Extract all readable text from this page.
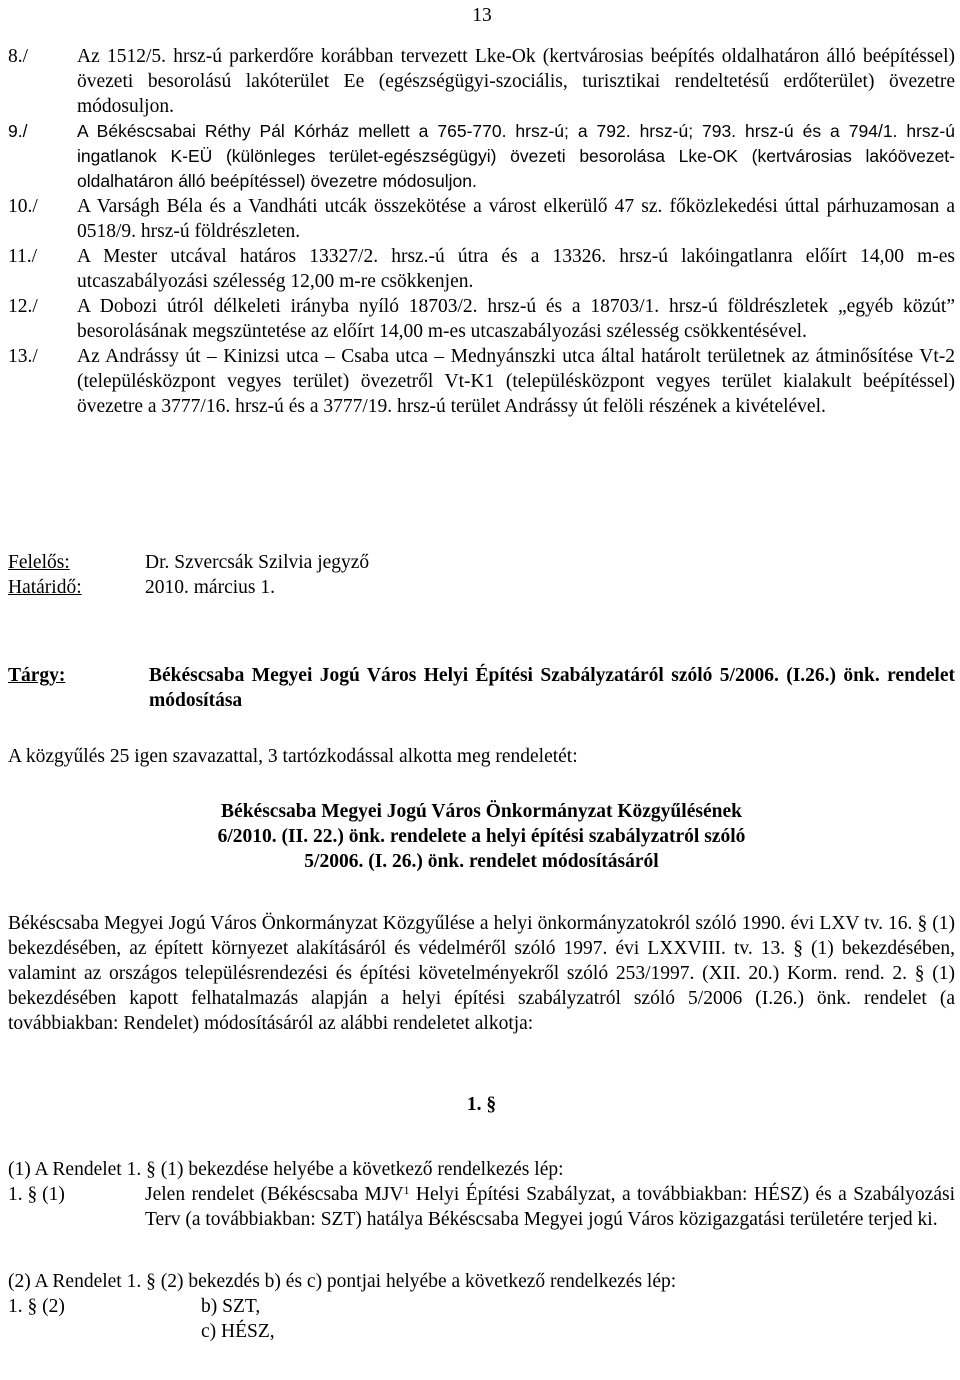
13
8./	Az 1512/5. hrsz-ú parkerdőre korábban tervezett Lke-Ok (kertvárosias beépítés oldalhatáron álló beépítéssel) övezeti besorolású lakóterület Ee (egészségügyi-szociális, turisztikai rendeltetésű erdőterület) övezetre módosuljon.
9./	A Békéscsabai Réthy Pál Kórház mellett a 765-770. hrsz-ú; a 792. hrsz-ú; 793. hrsz-ú és a 794/1. hrsz-ú ingatlanok K-EÜ (különleges terület-egészségügyi) övezeti besorolása Lke-OK (kertvárosias lakóövezet- oldalhatáron álló beépítéssel) övezetre módosuljon.
10./	A Varságh Béla és a Vandháti utcák összekötése a várost elkerülő 47 sz. főközlekedési úttal párhuzamosan a 0518/9. hrsz-ú földrészleten.
11./	A Mester utcával határos 13327/2. hrsz.-ú útra és a 13326. hrsz-ú lakóingatlanra előírt 14,00 m-es utcaszabályozási szélesség 12,00 m-re csökkenjen.
12./	A Dobozi útról délkeleti irányba nyíló 18703/2. hrsz-ú és a 18703/1. hrsz-ú földrészletek „egyéb közút” besorolásának megszüntetése az előírt 14,00 m-es utcaszabályozási szélesség csökkentésével.
13./	Az Andrássy út – Kinizsi utca – Csaba utca – Mednyánszki utca által határolt területnek az átminősítése Vt-2 (településközpont vegyes terület) övezetről Vt-K1 (településközpont vegyes terület kialakult beépítéssel) övezetre a 3777/16. hrsz-ú és a 3777/19. hrsz-ú terület Andrássy út felöli részének a kivételével.
Felelős:	Dr. Szvercsák Szilvia jegyző
Határidő:	2010. március 1.
Tárgy:	Békéscsaba Megyei Jogú Város Helyi Építési Szabályzatáról szóló 5/2006. (I.26.) önk. rendelet módosítása
A közgyűlés 25 igen szavazattal, 3 tartózkodással alkotta meg rendeletét:
Békéscsaba Megyei Jogú Város Önkormányzat Közgyűlésének
6/2010. (II. 22.) önk. rendelete a helyi építési szabályzatról szóló
5/2006. (I. 26.) önk. rendelet módosításáról
Békéscsaba Megyei Jogú Város Önkormányzat Közgyűlése a helyi önkormányzatokról szóló 1990. évi LXV tv. 16. § (1) bekezdésében, az épített környezet alakításáról és védelméről szóló 1997. évi LXXVIII. tv. 13. § (1) bekezdésében, valamint az országos településrendezési és építési követelményekről szóló 253/1997. (XII. 20.) Korm. rend. 2. § (1) bekezdésében kapott felhatalmazás alapján a helyi építési szabályzatról szóló 5/2006 (I.26.) önk. rendelet (a továbbiakban: Rendelet) módosításáról az alábbi rendeletet alkotja:
1. §
(1) A Rendelet 1. § (1) bekezdése helyébe a következő rendelkezés lép:
1. § (1)	Jelen rendelet (Békéscsaba MJV$^1$ Helyi Építési Szabályzat, a továbbiakban: HÉSZ) és a Szabályozási Terv (a továbbiakban: SZT) hatálya Békéscsaba Megyei jogú Város közigazgatási területére terjed ki.
(2) A Rendelet 1. § (2) bekezdés b) és c) pontjai helyébe a következő rendelkezés lép:
1. § (2)	b) SZT,
c) HÉSZ,
